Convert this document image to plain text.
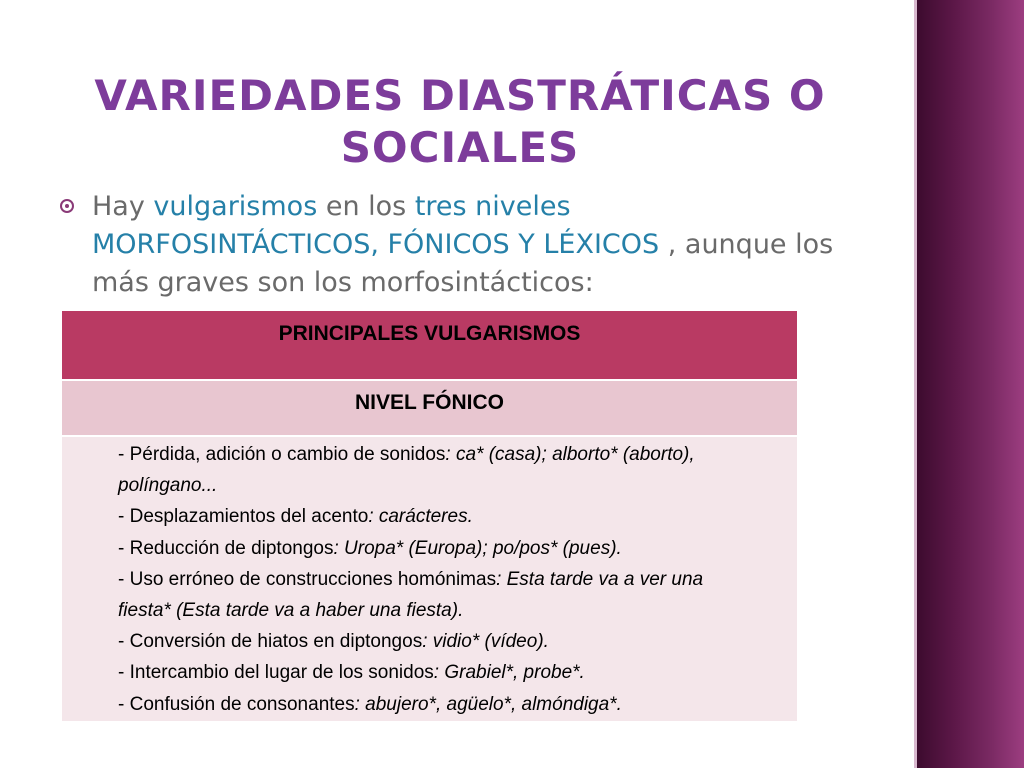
VARIEDADES DIASTRÁTICAS O SOCIALES
Hay vulgarismos en los tres niveles MORFOSINTÁCTICOS, FÓNICOS Y LÉXICOS , aunque los más graves son los morfosintácticos:
PRINCIPALES VULGARISMOS
NIVEL FÓNICO
- Pérdida, adición o cambio de sonidos: ca* (casa); alborto* (aborto), políngano...
- Desplazamientos del acento: carácteres.
- Reducción de diptongos: Uropa* (Europa); po/pos* (pues).
- Uso erróneo de construcciones homónimas: Esta tarde va a ver una fiesta* (Esta tarde va a haber una fiesta).
- Conversión de hiatos en diptongos: vidio* (vídeo).
- Intercambio del lugar de los sonidos: Grabiel*, probe*.
- Confusión de consonantes: abujero*, agüelo*, almóndiga*.
